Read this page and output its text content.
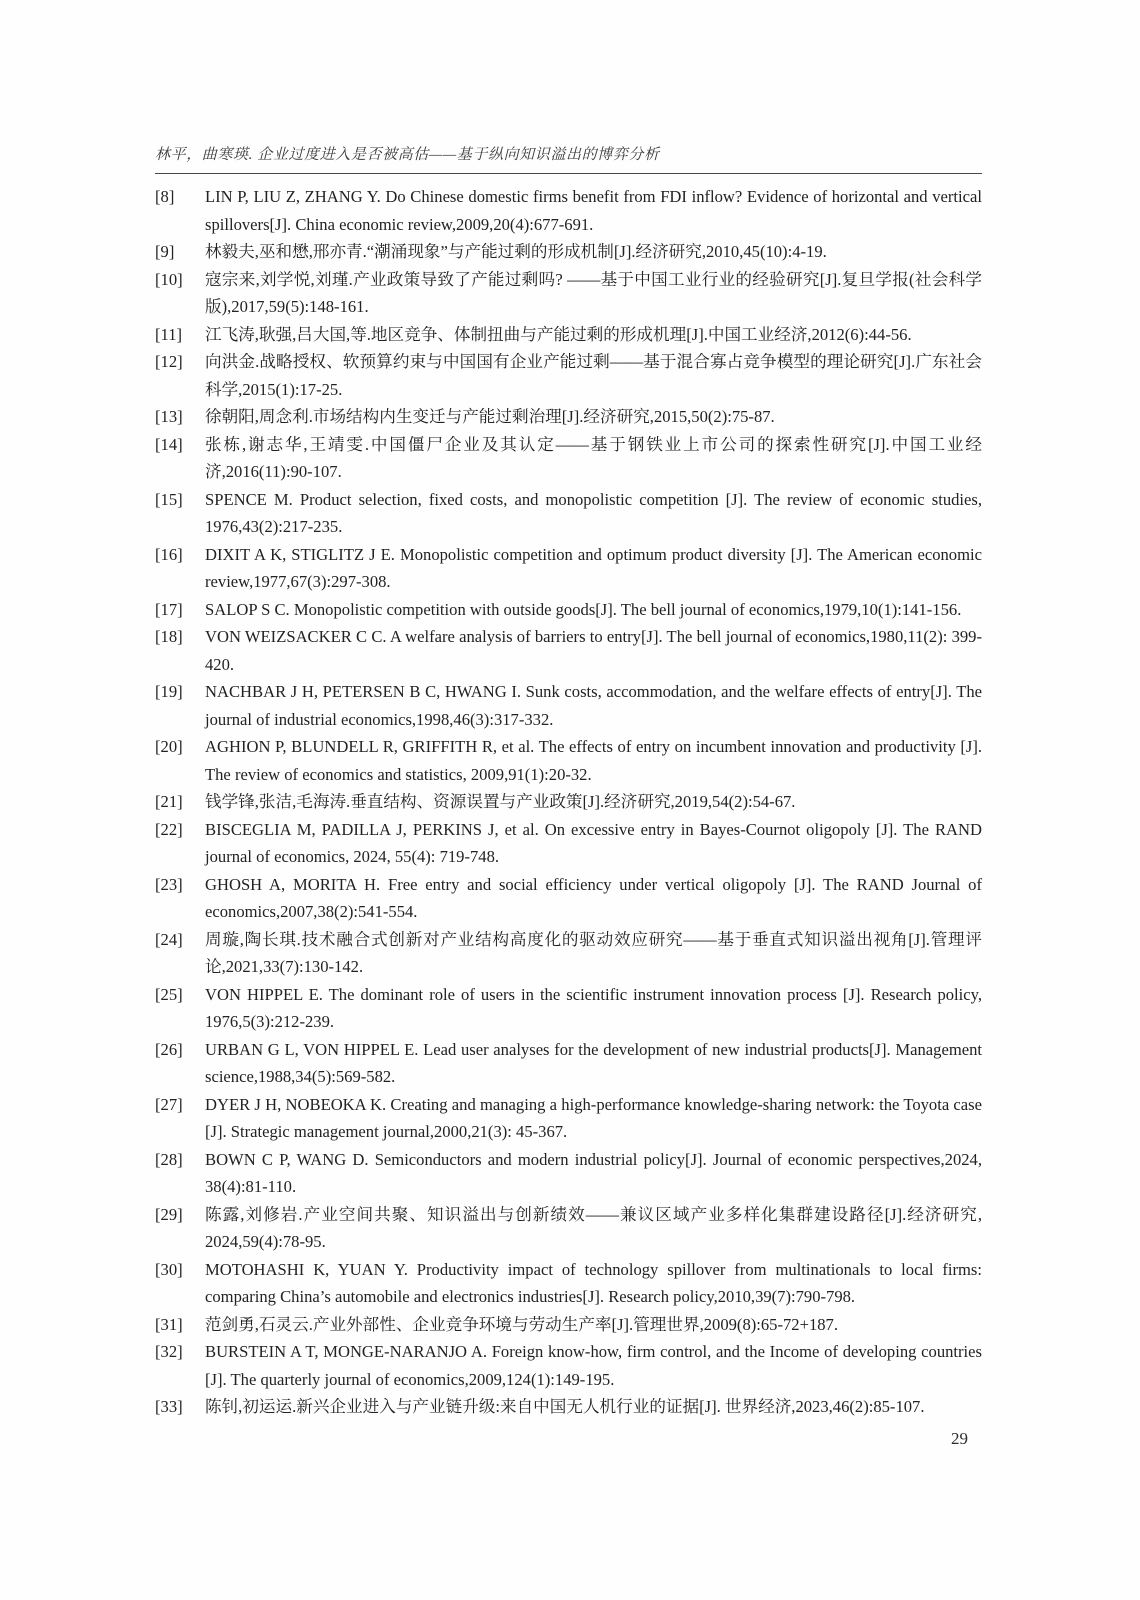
林平，曲寒瑛. 企业过度进入是否被高估——基于纵向知识溢出的博弈分析
[8]	LIN P, LIU Z, ZHANG Y. Do Chinese domestic firms benefit from FDI inflow? Evidence of horizontal and vertical spillovers[J]. China economic review,2009,20(4):677-691.
[9]	林毅夫,巫和懋,邢亦青.“潮涌现象”与产能过剩的形成机制[J].经济研究,2010,45(10):4-19.
[10]	寇宗来,刘学悦,刘瑾.产业政策导致了产能过剩吗? ——基于中国工业行业的经验研究[J].复旦学报(社会科学版),2017,59(5):148-161.
[11]	江飞涛,耿强,吕大国,等.地区竞争、体制扭曲与产能过剩的形成机理[J].中国工业经济,2012(6):44-56.
[12]	向洪金.战略授权、软预算约束与中国国有企业产能过剩——基于混合寡占竞争模型的理论研究[J].广东社会科学,2015(1):17-25.
[13]	徐朝阳,周念利.市场结构内生变迁与产能过剩治理[J].经济研究,2015,50(2):75-87.
[14]	张栋,谢志华,王靖雯.中国僵尸企业及其认定——基于钢铁业上市公司的探索性研究[J].中国工业经济,2016(11):90-107.
[15]	SPENCE M. Product selection, fixed costs, and monopolistic competition [J]. The review of economic studies, 1976,43(2):217-235.
[16]	DIXIT A K, STIGLITZ J E. Monopolistic competition and optimum product diversity [J]. The American economic review,1977,67(3):297-308.
[17]	SALOP S C. Monopolistic competition with outside goods[J]. The bell journal of economics,1979,10(1):141-156.
[18]	VON WEIZSACKER C C. A welfare analysis of barriers to entry[J]. The bell journal of economics,1980,11(2): 399-420.
[19]	NACHBAR J H, PETERSEN B C, HWANG I. Sunk costs, accommodation, and the welfare effects of entry[J]. The journal of industrial economics,1998,46(3):317-332.
[20]	AGHION P, BLUNDELL R, GRIFFITH R, et al. The effects of entry on incumbent innovation and productivity [J]. The review of economics and statistics, 2009,91(1):20-32.
[21]	钱学锋,张洁,毛海涛.垂直结构、资源误置与产业政策[J].经济研究,2019,54(2):54-67.
[22]	BISCEGLIA M, PADILLA J, PERKINS J, et al. On excessive entry in Bayes-Cournot oligopoly [J]. The RAND journal of economics, 2024, 55(4): 719-748.
[23]	GHOSH A, MORITA H. Free entry and social efficiency under vertical oligopoly [J]. The RAND Journal of economics,2007,38(2):541-554.
[24]	周璇,陶长琪.技术融合式创新对产业结构高度化的驱动效应研究——基于垂直式知识溢出视角[J].管理评论,2021,33(7):130-142.
[25]	VON HIPPEL E. The dominant role of users in the scientific instrument innovation process [J]. Research policy, 1976,5(3):212-239.
[26]	URBAN G L, VON HIPPEL E. Lead user analyses for the development of new industrial products[J]. Management science,1988,34(5):569-582.
[27]	DYER J H, NOBEOKA K. Creating and managing a high-performance knowledge-sharing network: the Toyota case [J]. Strategic management journal,2000,21(3): 45-367.
[28]	BOWN C P, WANG D. Semiconductors and modern industrial policy[J]. Journal of economic perspectives,2024, 38(4):81-110.
[29]	陈露,刘修岩.产业空间共聚、知识溢出与创新绩效——兼议区域产业多样化集群建设路径[J].经济研究, 2024,59(4):78-95.
[30]	MOTOHASHI K, YUAN Y. Productivity impact of technology spillover from multinationals to local firms: comparing China’s automobile and electronics industries[J]. Research policy,2010,39(7):790-798.
[31]	范剑勇,石灵云.产业外部性、企业竞争环境与劳动生产率[J].管理世界,2009(8):65-72+187.
[32]	BURSTEIN A T, MONGE-NARANJO A. Foreign know-how, firm control, and the Income of developing countries [J]. The quarterly journal of economics,2009,124(1):149-195.
[33]	陈钊,初运运.新兴企业进入与产业链升级:来自中国无人机行业的证据[J]. 世界经济,2023,46(2):85-107.
29
